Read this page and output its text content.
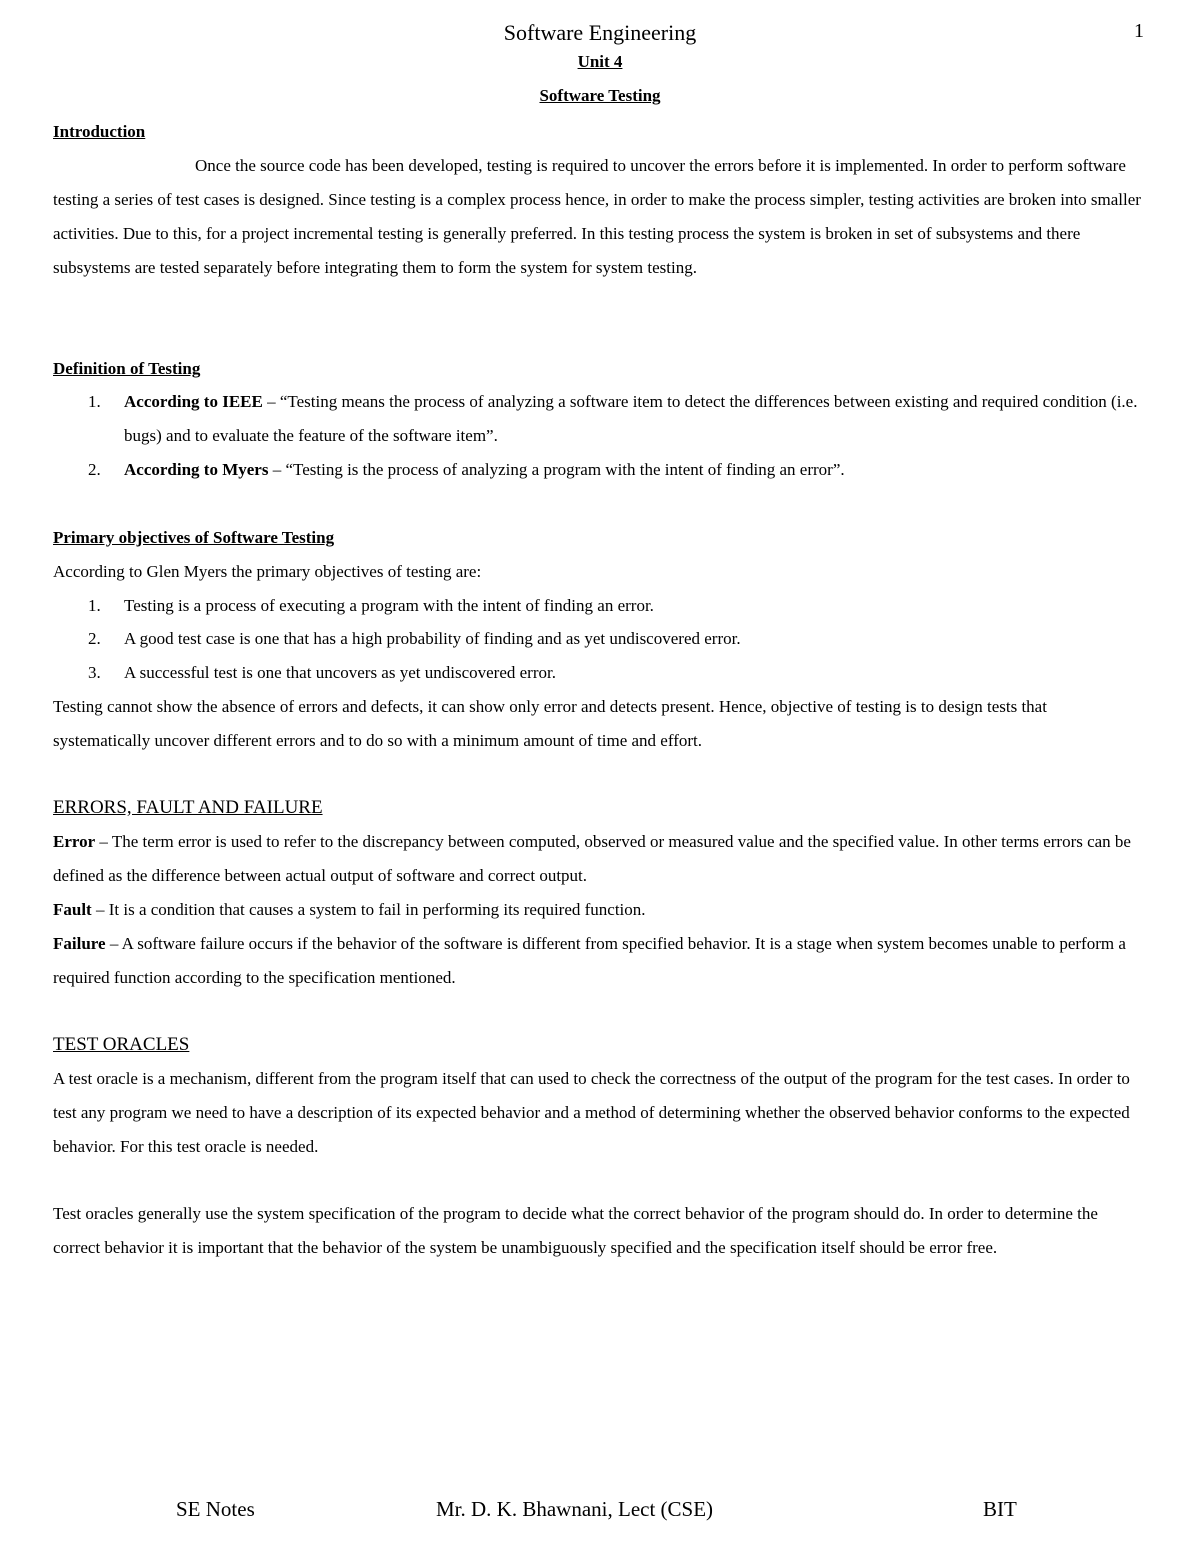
Software Engineering	1
Unit 4
Software Testing
Introduction
Once the source code has been developed, testing is required to uncover the errors before it is implemented. In order to perform software testing a series of test cases is designed. Since testing is a complex process hence, in order to make the process simpler, testing activities are broken into smaller activities. Due to this, for a project incremental testing is generally preferred. In this testing process the system is broken in set of subsystems and there subsystems are tested separately before integrating them to form the system for system testing.
Definition of Testing
1.	According to IEEE – “Testing means the process of analyzing a software item to detect the differences between existing and required condition (i.e. bugs) and to evaluate the feature of the software item”.
2.	According to Myers – “Testing is the process of analyzing a program with the intent of finding an error”.
Primary objectives of Software Testing
According to Glen Myers the primary objectives of testing are:
1.	Testing is a process of executing a program with the intent of finding an error.
2.	A good test case is one that has a high probability of finding and as yet undiscovered error.
3.	A successful test is one that uncovers as yet undiscovered error.
Testing cannot show the absence of errors and defects, it can show only error and detects present. Hence, objective of testing is to design tests that systematically uncover different errors and to do so with a minimum amount of time and effort.
ERRORS, FAULT AND FAILURE
Error – The term error is used to refer to the discrepancy between computed, observed or measured value and the specified value. In other terms errors can be defined as the difference between actual output of software and correct output.
Fault – It is a condition that causes a system to fail in performing its required function.
Failure – A software failure occurs if the behavior of the software is different from specified behavior. It is a stage when system becomes unable to perform a required function according to the specification mentioned.
TEST ORACLES
A test oracle is a mechanism, different from the program itself that can used to check the correctness of the output of the program for the test cases. In order to test any program we need to have a description of its expected behavior and a method of determining whether the observed behavior conforms to the expected behavior. For this test oracle is needed.
Test oracles generally use the system specification of the program to decide what the correct behavior of the program should do. In order to determine the correct behavior it is important that the behavior of the system be unambiguously specified and the specification itself should be error free.
SE Notes	Mr. D. K. Bhawnani, Lect (CSE)	BIT
